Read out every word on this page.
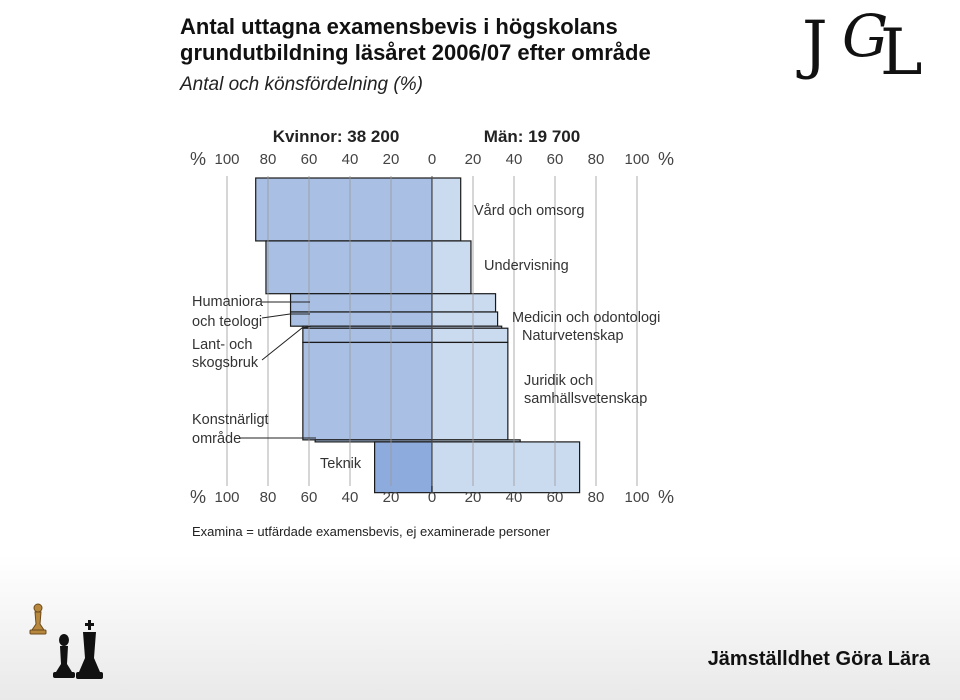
Antal uttagna examensbevis i högskolans
grundutbildning läsåret 2006/07 efter område
Antal och könsfördelning (%)
J G
L
Vård och omsorg
Undervisning
Humaniora
och teologi	Medicin och odontologi
Naturvetenskap
Lant- och
skogsbruk
Juridik och
samhällsvetenskap
Konstnärligt
område
Teknik
100 80 60 40 20 0 20 40 60 80 100
%	%
100 80 60 40 20 0 20 40 60 80 100
%	%
Kvinnor: 38 200	Män: 19 700
Examina = utfärdade examensbevis, ej examinerade personer
Jämställdhet Göra Lära
